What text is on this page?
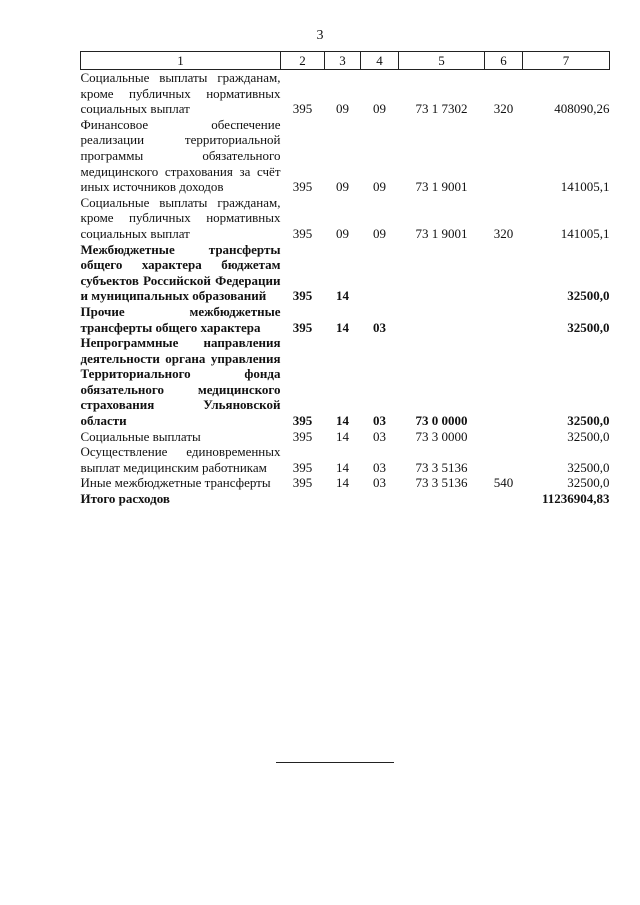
3
1	2	3	4	5	6	7
Социальные выплаты гражданам, кроме публичных нормативных социальных выплат	395	09	09	73 1 7302	320	408090,26
Финансовое обеспечение реализации территориальной программы обязательного медицинского страхования за счёт иных источников доходов	395	09	09	73 1 9001		141005,1
Социальные выплаты гражданам, кроме публичных нормативных социальных выплат	395	09	09	73 1 9001	320	141005,1
Межбюджетные трансферты общего характера бюджетам субъектов Российской Федерации и муниципальных образований	395	14				32500,0
Прочие межбюджетные трансферты общего характера	395	14	03			32500,0
Непрограммные направления деятельности органа управления Территориального фонда обязательного медицинского страхования Ульяновской области	395	14	03	73 0 0000		32500,0
Социальные выплаты	395	14	03	73 3 0000		32500,0
Осуществление единовременных выплат медицинским работникам	395	14	03	73 3 5136		32500,0
Иные межбюджетные трансферты	395	14	03	73 3 5136	540	32500,0
Итого расходов						11236904,83
